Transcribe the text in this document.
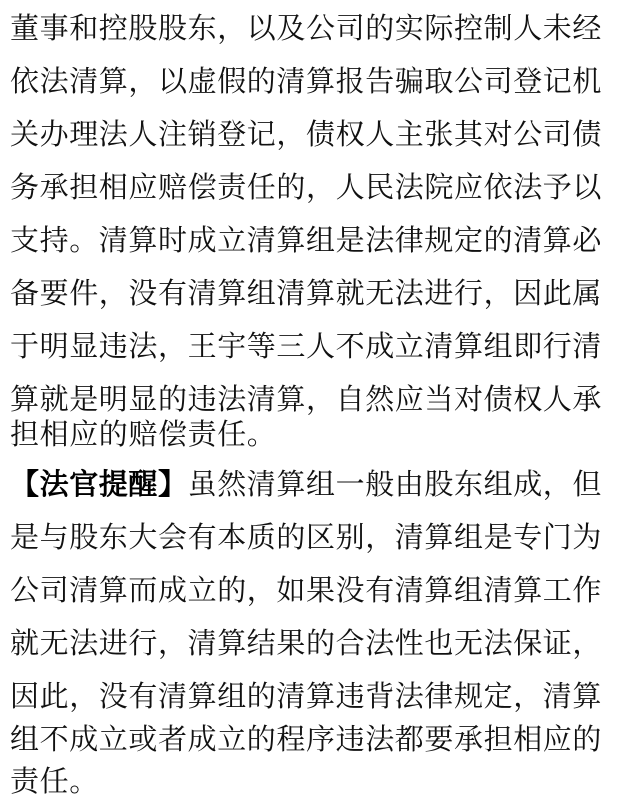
董事和控股股东，以及公司的实际控制人未经
依法清算，以虚假的清算报告骗取公司登记机
关办理法人注销登记，债权人主张其对公司债
务承担相应赔偿责任的，人民法院应依法予以
支持。清算时成立清算组是法律规定的清算必
备要件，没有清算组清算就无法进行，因此属
于明显违法，王宇等三人不成立清算组即行清
算就是明显的违法清算，自然应当对债权人承
担相应的赔偿责任。
【法官提醒】虽然清算组一般由股东组成，但
是与股东大会有本质的区别，清算组是专门为
公司清算而成立的，如果没有清算组清算工作
就无法进行，清算结果的合法性也无法保证，
因此，没有清算组的清算违背法律规定，清算
组不成立或者成立的程序违法都要承担相应的
责任。
